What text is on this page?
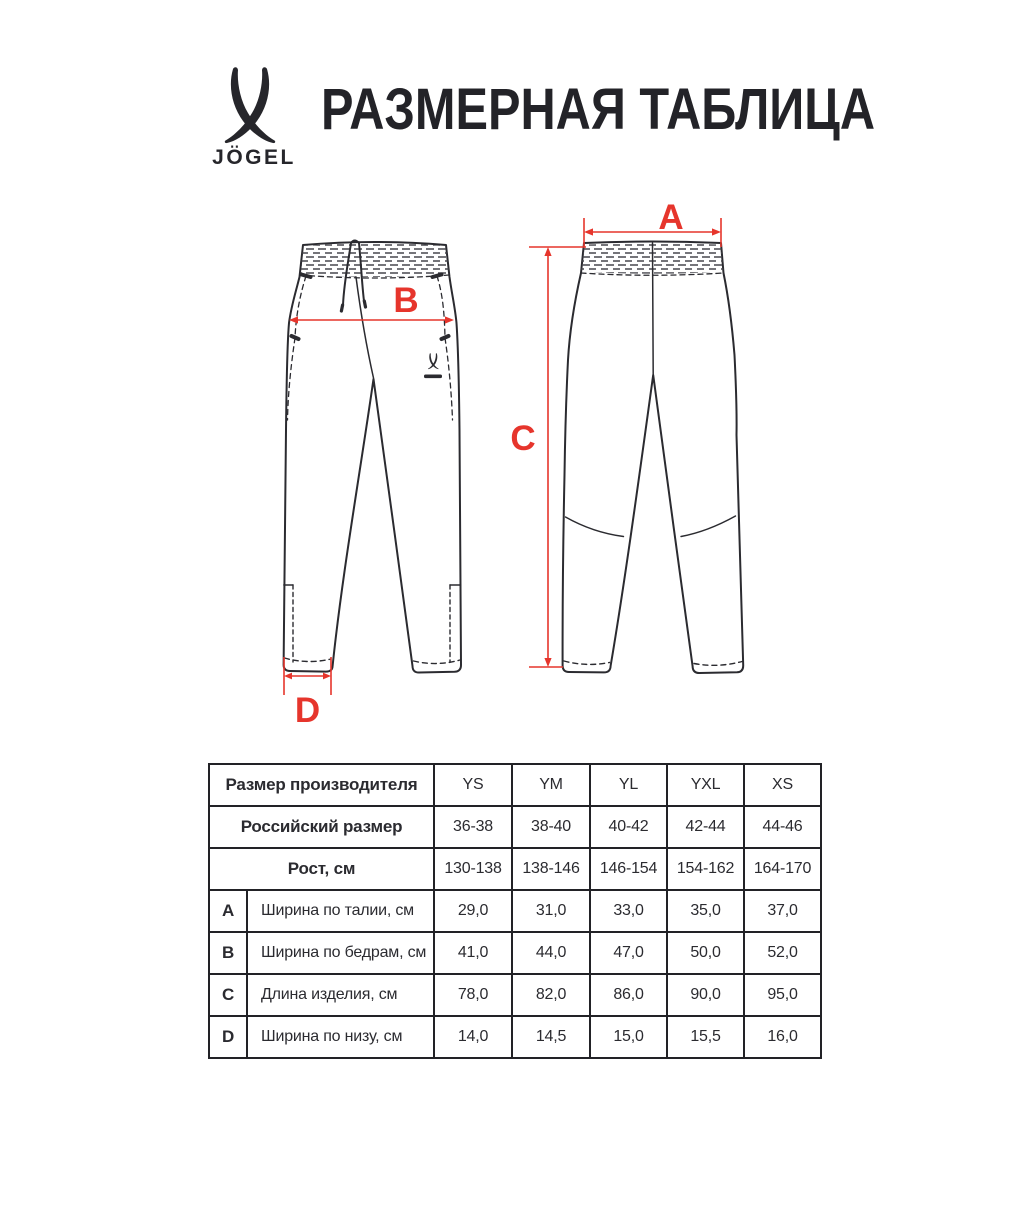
JÖGEL
РАЗМЕРНАЯ ТАБЛИЦА
A
B
C
D
Размер производителя		YS	YM	YL	YXL	XS
Российский размер		36-38	38-40	40-42	42-44	44-46
Рост, см		130-138	138-146	146-154	154-162	164-170
A	Ширина по талии, см	29,0	31,0	33,0	35,0	37,0
B	Ширина по бедрам, см	41,0	44,0	47,0	50,0	52,0
C	Длина изделия, см	78,0	82,0	86,0	90,0	95,0
D	Ширина по низу, см	14,0	14,5	15,0	15,5	16,0
